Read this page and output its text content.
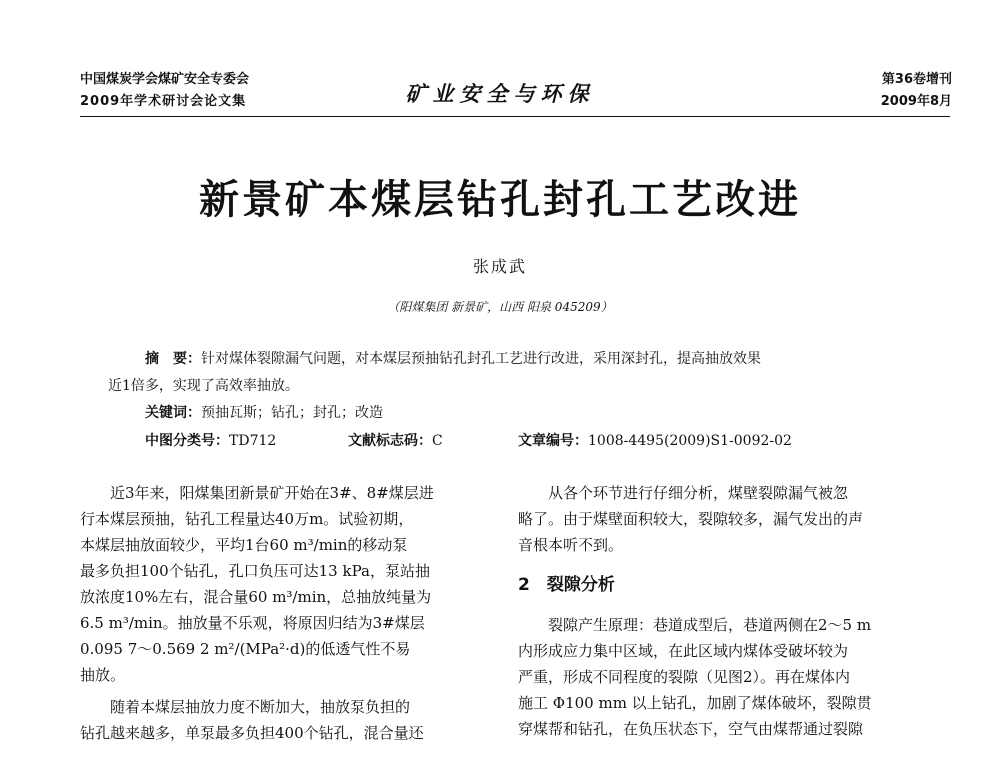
中国煤炭学会煤矿安全专委会
2009年学术研讨会论文集	矿业安全与环保
第36卷增刊
2009年8月
新景矿本煤层钻孔封孔工艺改进
张成武
（阳煤集团 新景矿，山西 阳泉 045209）
摘　要：针对煤体裂隙漏气问题，对本煤层预抽钻孔封孔工艺进行改进，采用深封孔，提高抽放效果
近1倍多，实现了高效率抽放。
关键词：预抽瓦斯；钻孔；封孔；改造
中图分类号：TD712	文献标志码：C	文章编号：1008-4495(2009)S1-0092-02

近3年来，阳煤集团新景矿开始在3#、8#煤层进
行本煤层预抽，钻孔工程量达40万m。试验初期，
本煤层抽放面较少，平均1台60 m³/min的移动泵
最多负担100个钻孔，孔口负压可达13 kPa，泵站抽
放浓度10%左右，混合量60 m³/min，总抽放纯量为
6.5 m³/min。抽放量不乐观，将原因归结为3#煤层
0.095 7～0.569 2 m²/(MPa²·d)的低透气性不易
抽放。

随着本煤层抽放力度不断加大，抽放泵负担的
钻孔越来越多，单泵最多负担400个钻孔，混合量还

从各个环节进行仔细分析，煤壁裂隙漏气被忽
略了。由于煤壁面积较大，裂隙较多，漏气发出的声
音根本听不到。

2　裂隙分析

裂隙产生原理：巷道成型后，巷道两侧在2～5 m
内形成应力集中区域，在此区域内煤体受破坏较为
严重，形成不同程度的裂隙（见图2）。再在煤体内
施工 Φ100 mm 以上钻孔，加剧了煤体破坏，裂隙贯
穿煤帮和钻孔，在负压状态下，空气由煤帮通过裂隙
